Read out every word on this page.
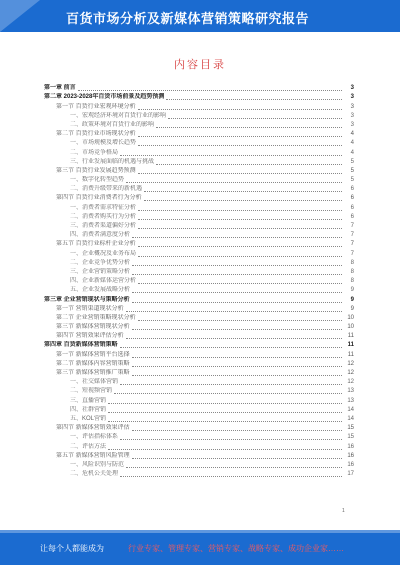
百货市场分析及新媒体营销策略研究报告
内容目录
第一章 前言	3
第二章 2023-2028年百货市场前景及趋势预测	3
第一节 百货行业宏观环境分析	3
一、宏观经济环境对百货行业的影响	3
二、政策环境对百货行业的影响	3
第二节 百货行业市场现状分析	4
一、市场规模及增长趋势	4
二、市场竞争格局	4
三、行业发展面临的机遇与挑战	5
第三节 百货行业发展趋势预测	5
一、数字化转型趋势	5
二、消费升级带来的新机遇	6
第四节 百货行业消费者行为分析	6
一、消费者需求特征分析	6
二、消费者购买行为分析	6
三、消费者渠道偏好分析	7
四、消费者满意度分析	7
第五节 百货行业标杆企业分析	7
一、企业概况及业务布局	7
二、企业竞争优势分析	8
三、企业营销策略分析	8
四、企业新媒体运营分析	8
五、企业发展战略分析	9
第三章 企业营销现状与策略分析	9
第一节 营销渠道现状分析	9
第二节 企业营销策略现状分析	10
第三节 新媒体营销现状分析	10
第四节 营销效果评估分析	11
第四章 百货新媒体营销策略	11
第一节 新媒体营销平台选择	11
第二节 新媒体内容营销策略	12
第三节 新媒体营销推广策略	12
一、社交媒体营销	12
二、短视频营销	13
三、直播营销	13
四、社群营销	14
五、KOL营销	14
第四节 新媒体营销效果评估	15
一、评估指标体系	15
二、评估方法	16
第五节 新媒体营销风险管理	16
一、风险识别与防范	16
二、危机公关处理	17
1
让每个人都能成为	行业专家、管理专家、营销专家、战略专家、成功企业家……
